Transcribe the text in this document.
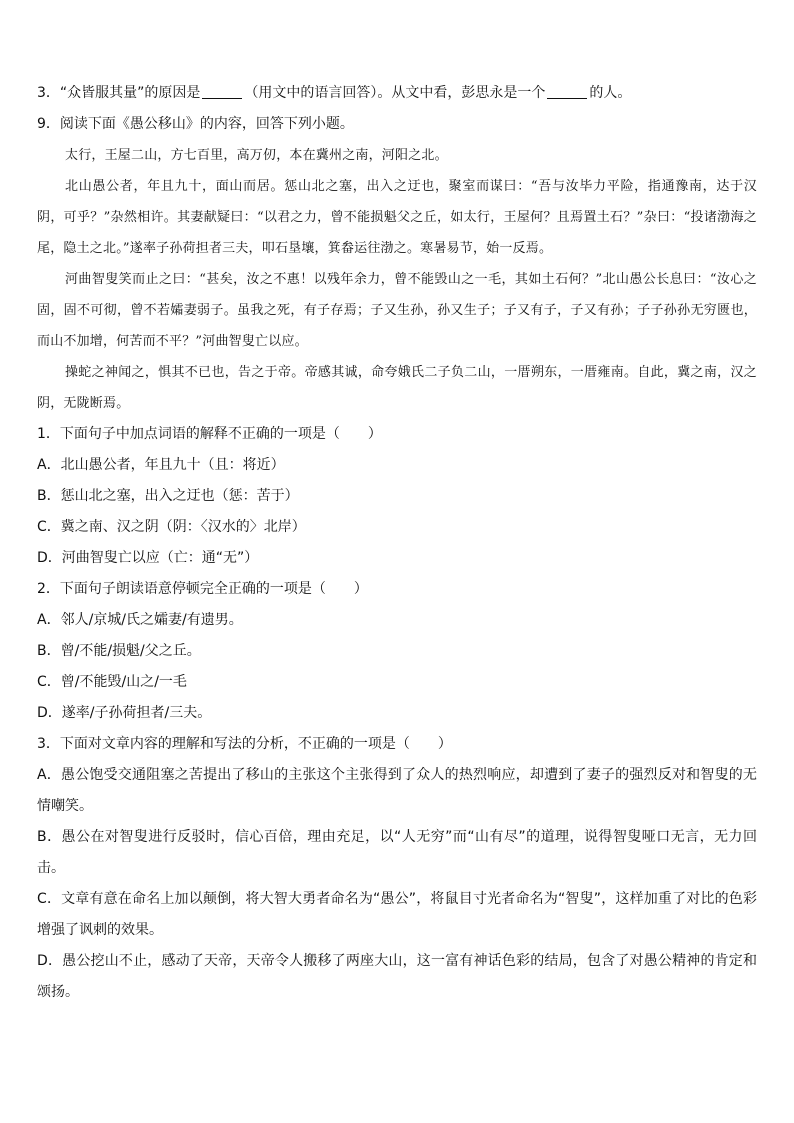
3．“众皆服其量”的原因是	（用文中的语言回答）。从文中看，彭思永是一个	的人。

9．阅读下面《愚公移山》的内容，回答下列小题。

太行，王屋二山，方七百里，高万仞，本在冀州之南，河阳之北。

北山愚公者，年且九十，面山而居。惩山北之塞，出入之迂也，聚室而谋曰：“吾与汝毕力平险，指通豫南，达于汉阴，可乎？”杂然相许。其妻献疑曰：“以君之力，曾不能损魁父之丘，如太行，王屋何？且焉置土石？”杂曰：“投诸渤海之尾，隐土之北。”遂率子孙荷担者三夫，叩石垦壤，箕畚运往渤之。寒暑易节，始一反焉。

河曲智叟笑而止之曰：“甚矣，汝之不惠！以残年余力，曾不能毁山之一毛，其如土石何？”北山愚公长息曰：“汝心之固，固不可彻，曾不若孀妻弱子。虽我之死，有子存焉；子又生孙，孙又生子；子又有子，子又有孙；子子孙孙无穷匮也，而山不加增，何苦而不平？”河曲智叟亡以应。

操蛇之神闻之，惧其不已也，告之于帝。帝感其诚，命夸娥氏二子负二山，一厝朔东，一厝雍南。自此，冀之南，汉之阴，无陇断焉。

1．下面句子中加点词语的解释不正确的一项是（　　）

A．北山愚公者，年且九十（且：将近）

B．惩山北之塞，出入之迂也（惩：苦于）

C．冀之南、汉之阴（阴：〈汉水的〉北岸）

D．河曲智叟亡以应（亡：通“无”）

2．下面句子朗读语意停顿完全正确的一项是（　　）

A．邻人/京城/氏之孀妻/有遗男。

B．曾/不能/损魁/父之丘。

C．曾/不能毁/山之/一毛

D．遂率/子孙荷担者/三夫。

3．下面对文章内容的理解和写法的分析，不正确的一项是（　　）

A．愚公饱受交通阻塞之苦提出了移山的主张这个主张得到了众人的热烈响应，却遭到了妻子的强烈反对和智叟的无情嘲笑。

B．愚公在对智叟进行反驳时，信心百倍，理由充足，以“人无穷”而“山有尽”的道理，说得智叟哑口无言，无力回击。

C．文章有意在命名上加以颠倒，将大智大勇者命名为“愚公”，将鼠目寸光者命名为“智叟”，这样加重了对比的色彩增强了讽刺的效果。

D．愚公挖山不止，感动了天帝，天帝令人搬移了两座大山，这一富有神话色彩的结局，包含了对愚公精神的肯定和颂扬。
